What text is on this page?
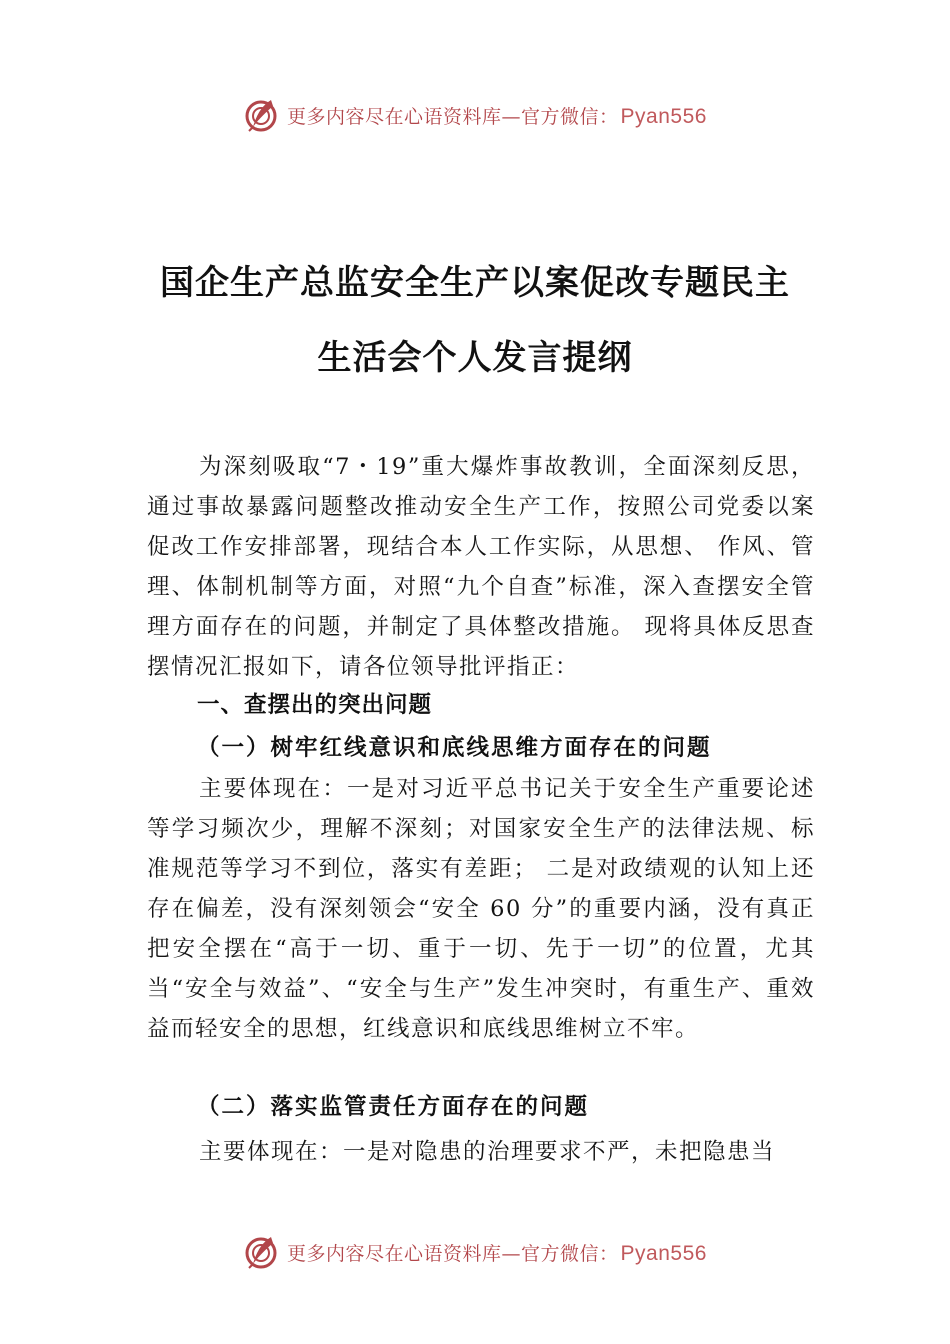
更多内容尽在心语资料库—官方微信：Pyan556
国企生产总监安全生产以案促改专题民主
生活会个人发言提纲
为深刻吸取“7・19”重大爆炸事故教训，全面深刻反思，通过事故暴露问题整改推动安全生产工作，按照公司党委以案促改工作安排部署，现结合本人工作实际，从思想、 作风、管理、体制机制等方面，对照“九个自查”标准，深入查摆安全管理方面存在的问题，并制定了具体整改措施。 现将具体反思查摆情况汇报如下，请各位领导批评指正：
一、查摆出的突出问题
（一）树牢红线意识和底线思维方面存在的问题
主要体现在：一是对习近平总书记关于安全生产重要论述等学习频次少，理解不深刻；对国家安全生产的法律法规、标准规范等学习不到位，落实有差距； 二是对政绩观的认知上还存在偏差，没有深刻领会“安全 60 分”的重要内涵，没有真正把安全摆在“高于一切、重于一切、先于一切”的位置，尤其当“安全与效益”、“安全与生产”发生冲突时，有重生产、重效益而轻安全的思想，红线意识和底线思维树立不牢。
（二）落实监管责任方面存在的问题
主要体现在：一是对隐患的治理要求不严，未把隐患当
更多内容尽在心语资料库—官方微信：Pyan556
